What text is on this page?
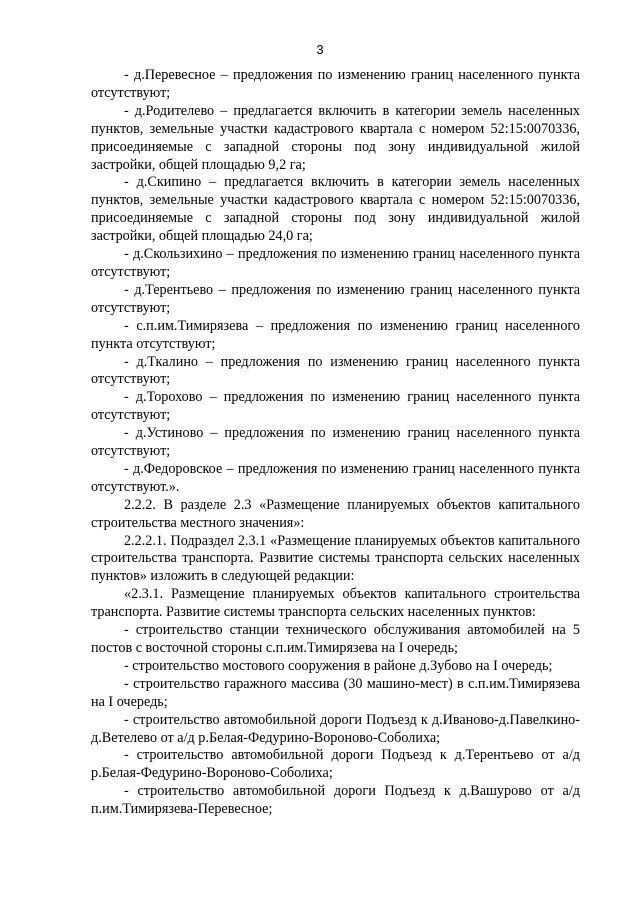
3

- д.Перевесное – предложения по изменению границ населенного пункта отсутствуют;

- д.Родителево – предлагается включить в категории земель населенных пунктов, земельные участки кадастрового квартала с номером 52:15:0070336, присоединяемые с западной стороны под зону индивидуальной жилой застройки, общей площадью 9,2 га;

- д.Скипино – предлагается включить в категории земель населенных пунктов, земельные участки кадастрового квартала с номером 52:15:0070336, присоединяемые с западной стороны под зону индивидуальной жилой застройки, общей площадью 24,0 га;

- д.Скользихино – предложения по изменению границ населенного пункта отсутствуют;

- д.Терентьево – предложения по изменению границ населенного пункта отсутствуют;

- с.п.им.Тимирязева – предложения по изменению границ населенного пункта отсутствуют;

- д.Ткалино – предложения по изменению границ населенного пункта отсутствуют;

- д.Торохово – предложения по изменению границ населенного пункта отсутствуют;

- д.Устиново – предложения по изменению границ населенного пункта отсутствуют;

- д.Федоровское – предложения по изменению границ населенного пункта отсутствуют.».

2.2.2. В разделе 2.3 «Размещение планируемых объектов капитального строительства местного значения»:

2.2.2.1. Подраздел 2.3.1 «Размещение планируемых объектов капитального строительства транспорта. Развитие системы транспорта сельских населенных пунктов» изложить в следующей редакции:

«2.3.1. Размещение планируемых объектов капитального строительства транспорта. Развитие системы транспорта сельских населенных пунктов:

- строительство станции технического обслуживания автомобилей на 5 постов с восточной стороны с.п.им.Тимирязева на I очередь;

- строительство мостового сооружения в районе д.Зубово на I очередь;

- строительство гаражного массива (30 машино-мест) в с.п.им.Тимирязева на I очередь;

- строительство автомобильной дороги Подъезд к д.Иваново-д.Павелкино-д.Ветелево от а/д р.Белая-Федурино-Вороново-Соболиха;

- строительство автомобильной дороги Подъезд к д.Терентьево от а/д р.Белая-Федурино-Вороново-Соболиха;

- строительство автомобильной дороги Подъезд к д.Вашурово от а/д п.им.Тимирязева-Перевесное;
